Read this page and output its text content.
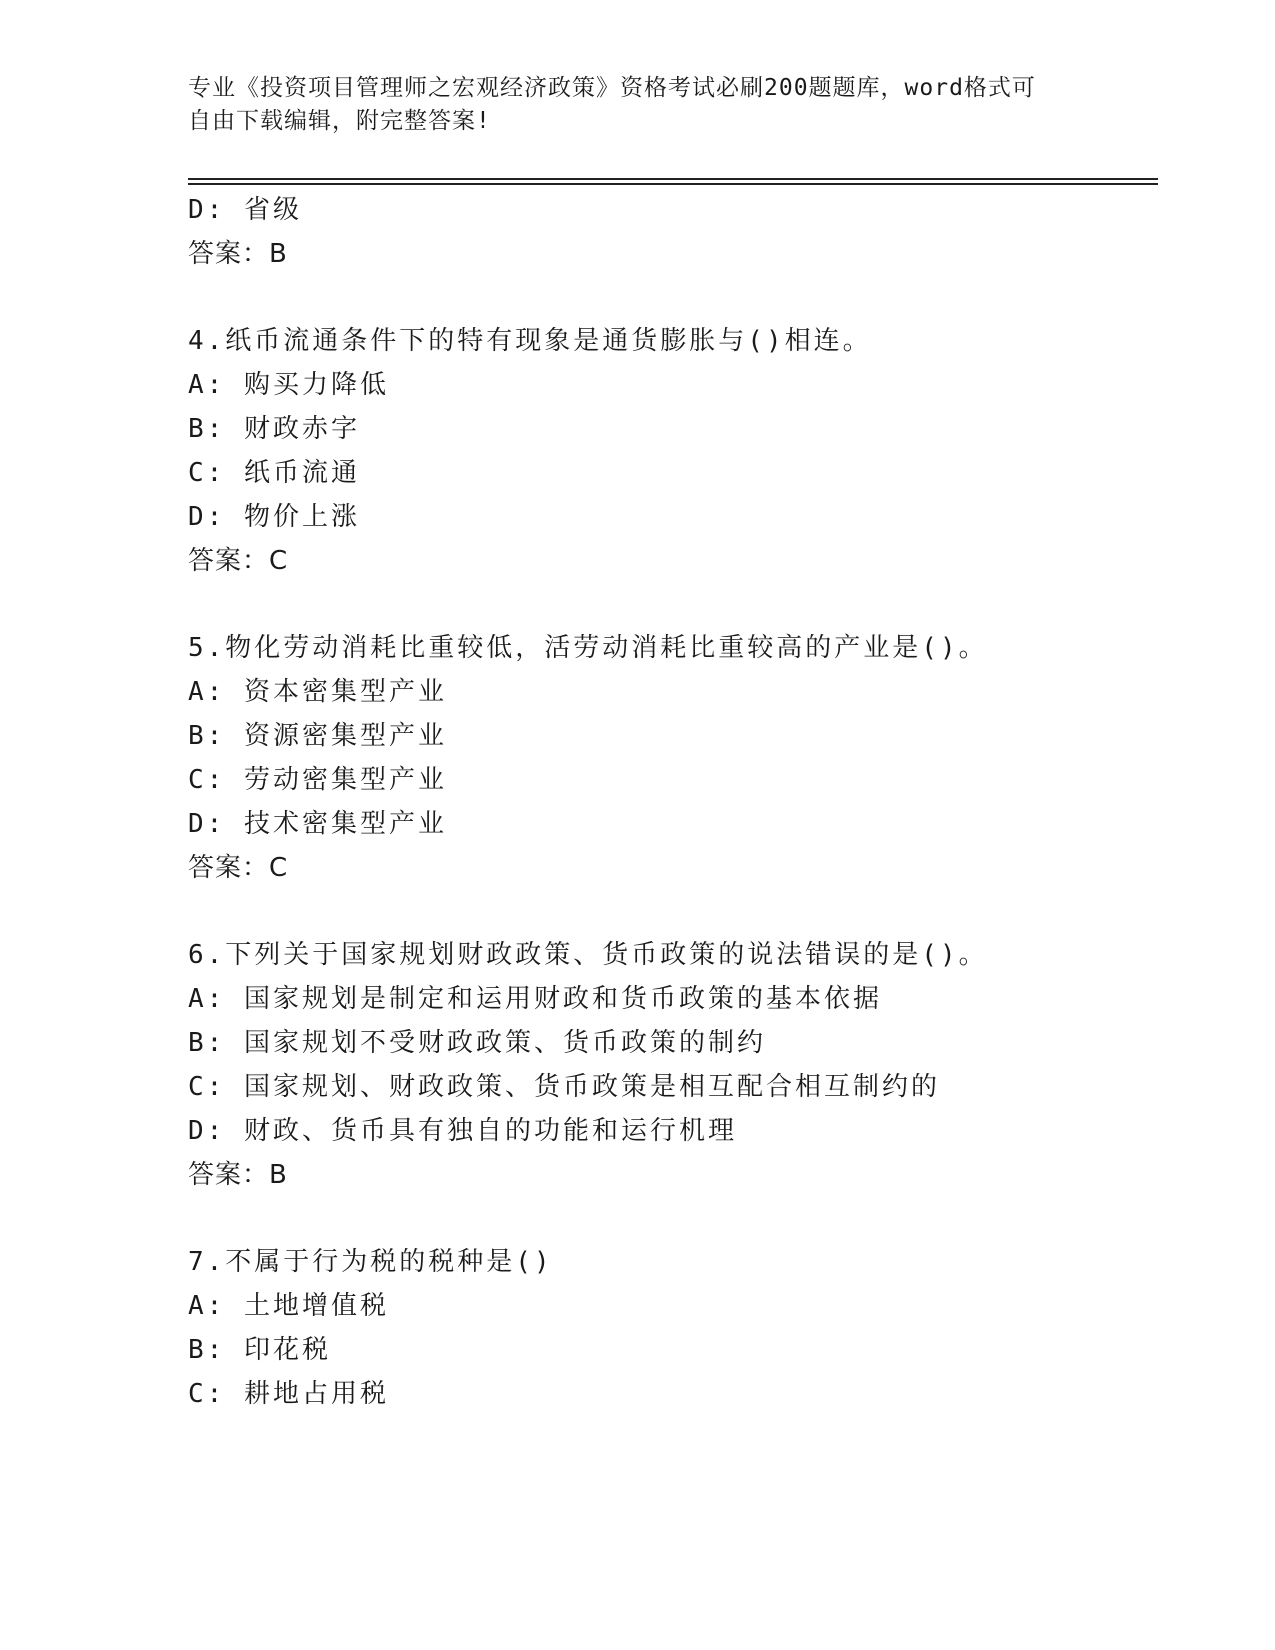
专业《投资项目管理师之宏观经济政策》资格考试必刷200题题库，word格式可
自由下载编辑，附完整答案!
D: 省级
答案：B
4.纸币流通条件下的特有现象是通货膨胀与()相连。
A: 购买力降低
B: 财政赤字
C: 纸币流通
D: 物价上涨
答案：C
5.物化劳动消耗比重较低，活劳动消耗比重较高的产业是()。
A: 资本密集型产业
B: 资源密集型产业
C: 劳动密集型产业
D: 技术密集型产业
答案：C
6.下列关于国家规划财政政策、货币政策的说法错误的是()。
A: 国家规划是制定和运用财政和货币政策的基本依据
B: 国家规划不受财政政策、货币政策的制约
C: 国家规划、财政政策、货币政策是相互配合相互制约的
D: 财政、货币具有独自的功能和运行机理
答案：B
7.不属于行为税的税种是()
A: 土地增值税
B: 印花税
C: 耕地占用税
